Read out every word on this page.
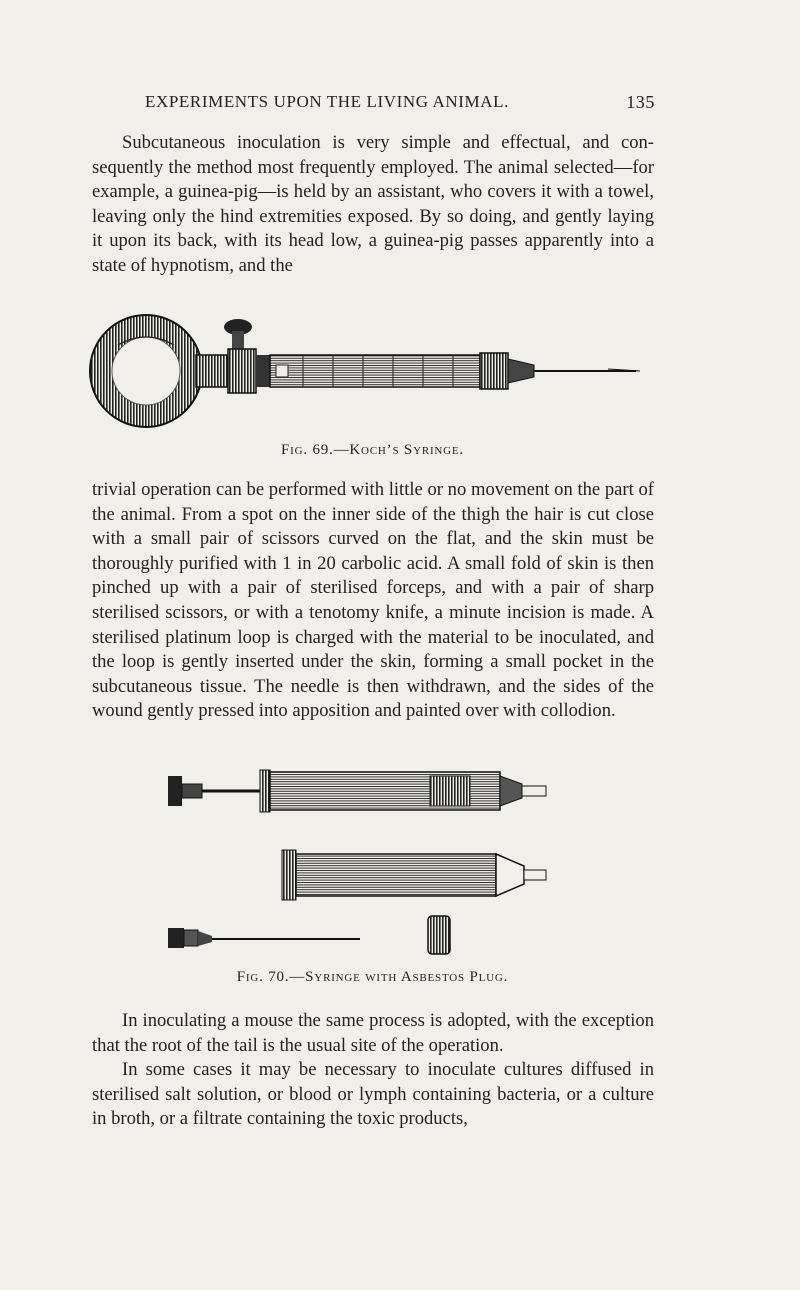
EXPERIMENTS UPON THE LIVING ANIMAL.	135

Subcutaneous inoculation is very simple and effectual, and consequently the method most frequently employed. The animal selected—for example, a guinea-pig—is held by an assistant, who covers it with a towel, leaving only the hind extremities exposed. By so doing, and gently laying it upon its back, with its head low, a guinea-pig passes apparently into a state of hypnotism, and the

Fig. 69.—Koch’s Syringe.

trivial operation can be performed with little or no movement on the part of the animal. From a spot on the inner side of the thigh the hair is cut close with a small pair of scissors curved on the flat, and the skin must be thoroughly purified with 1 in 20 carbolic acid. A small fold of skin is then pinched up with a pair of sterilised forceps, and with a pair of sharp sterilised scissors, or with a tenotomy knife, a minute incision is made. A sterilised platinum loop is charged with the material to be inoculated, and the loop is gently inserted under the skin, forming a small pocket in the subcutaneous tissue. The needle is then withdrawn, and the sides of the wound gently pressed into apposition and painted over with collodion.

Fig. 70.—Syringe with Asbestos Plug.

In inoculating a mouse the same process is adopted, with the exception that the root of the tail is the usual site of the operation.

In some cases it may be necessary to inoculate cultures diffused in sterilised salt solution, or blood or lymph containing bacteria, or a culture in broth, or a filtrate containing the toxic products,
